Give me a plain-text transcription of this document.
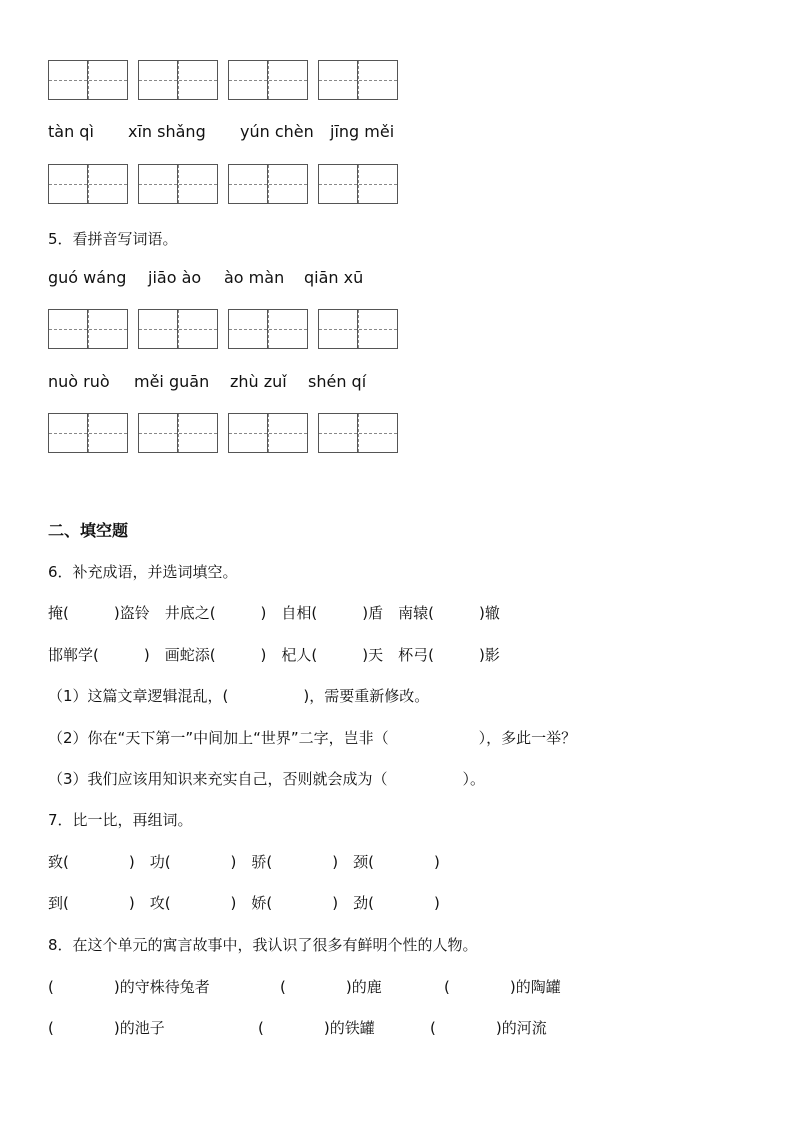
tàn qì	xīn shǎng	yún chèn	jīng měi
5．看拼音写词语。
guó wáng	jiāo ào	ào màn	qiān xū
nuò ruò	měi guān	zhù zuǐ	shén qí
二、填空题
6．补充成语，并选词填空。
掩(　　　)盗铃　井底之(　　　)　自相(　　　)盾　南辕(　　　)辙
邯郸学(　　　)　画蛇添(　　　)　杞人(　　　)天　杯弓(　　　)影
（1）这篇文章逻辑混乱，(　　　　　)，需要重新修改。
（2）你在“天下第一”中间加上“世界”二字，岂非（　　　　　　），多此一举？
（3）我们应该用知识来充实自己，否则就会成为（　　　　　）。
7．比一比，再组词。
致(　　　　)　功(　　　　)　骄(　　　　)　颈(　　　　)
到(　　　　)　攻(　　　　)　娇(　　　　)　劲(　　　　)
8．在这个单元的寓言故事中，我认识了很多有鲜明个性的人物。
(　　　　)的守株待兔者	(　　　　)的鹿	(　　　　)的陶罐
(　　　　)的池子	(　　　　)的铁罐	(　　　　)的河流
